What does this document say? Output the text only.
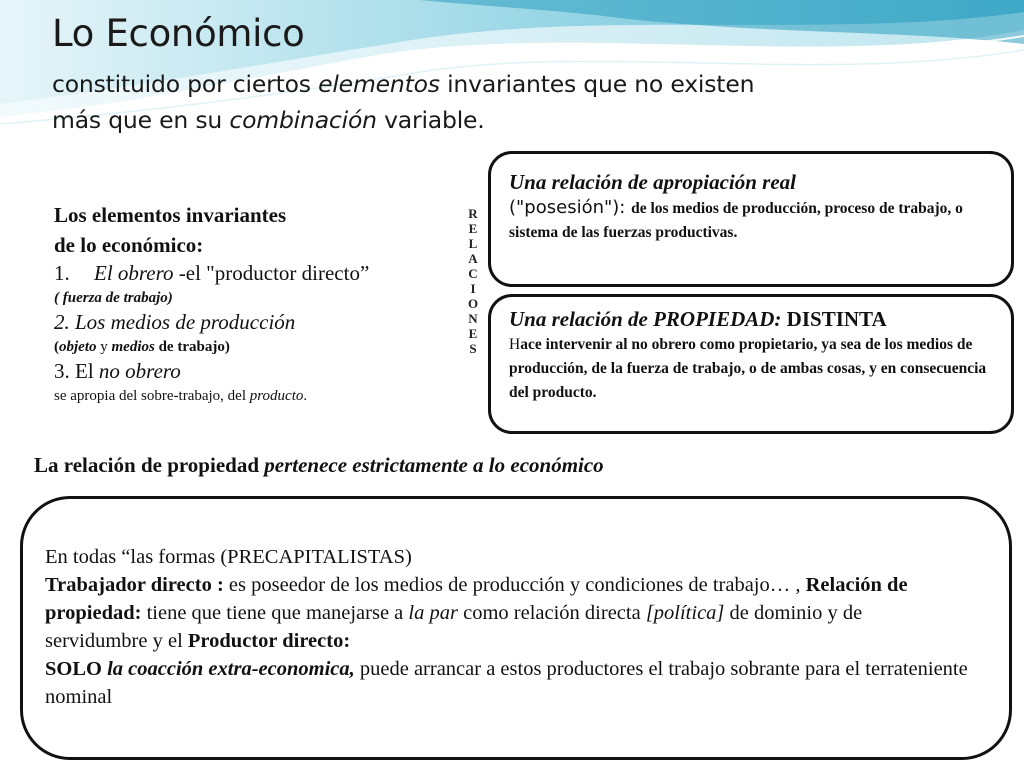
Lo Económico

constituido por ciertos elementos invariantes que no existen más que en su combinación variable.

Los elementos invariantes
de lo económico:
1. El obrero -el "productor directo”
( fuerza de trabajo)
2. Los medios de producción
(objeto y medios de trabajo)
3. El no obrero
se apropia del sobre-trabajo, del producto.
R
E
L
A
C
I
O
N
E
S
Una relación de apropiación real
("posesión"): de los medios de producción, proceso de trabajo, o sistema de las fuerzas productivas.
Una relación de PROPIEDAD: DISTINTA
Hace intervenir al no obrero como propietario, ya sea de los medios de producción, de la fuerza de trabajo, o de ambas cosas, y en consecuencia del producto.

La relación de propiedad pertenece estrictamente a lo económico

En todas “las formas (PRECAPITALISTAS)

Trabajador directo : es poseedor de los medios de producción y condiciones de trabajo… , Relación de propiedad: tiene que tiene que manejarse a la par como relación directa [política] de dominio y de servidumbre y el Productor directo:

SOLO la coacción extra-economica, puede arrancar a estos productores el trabajo sobrante para el terrateniente nominal
